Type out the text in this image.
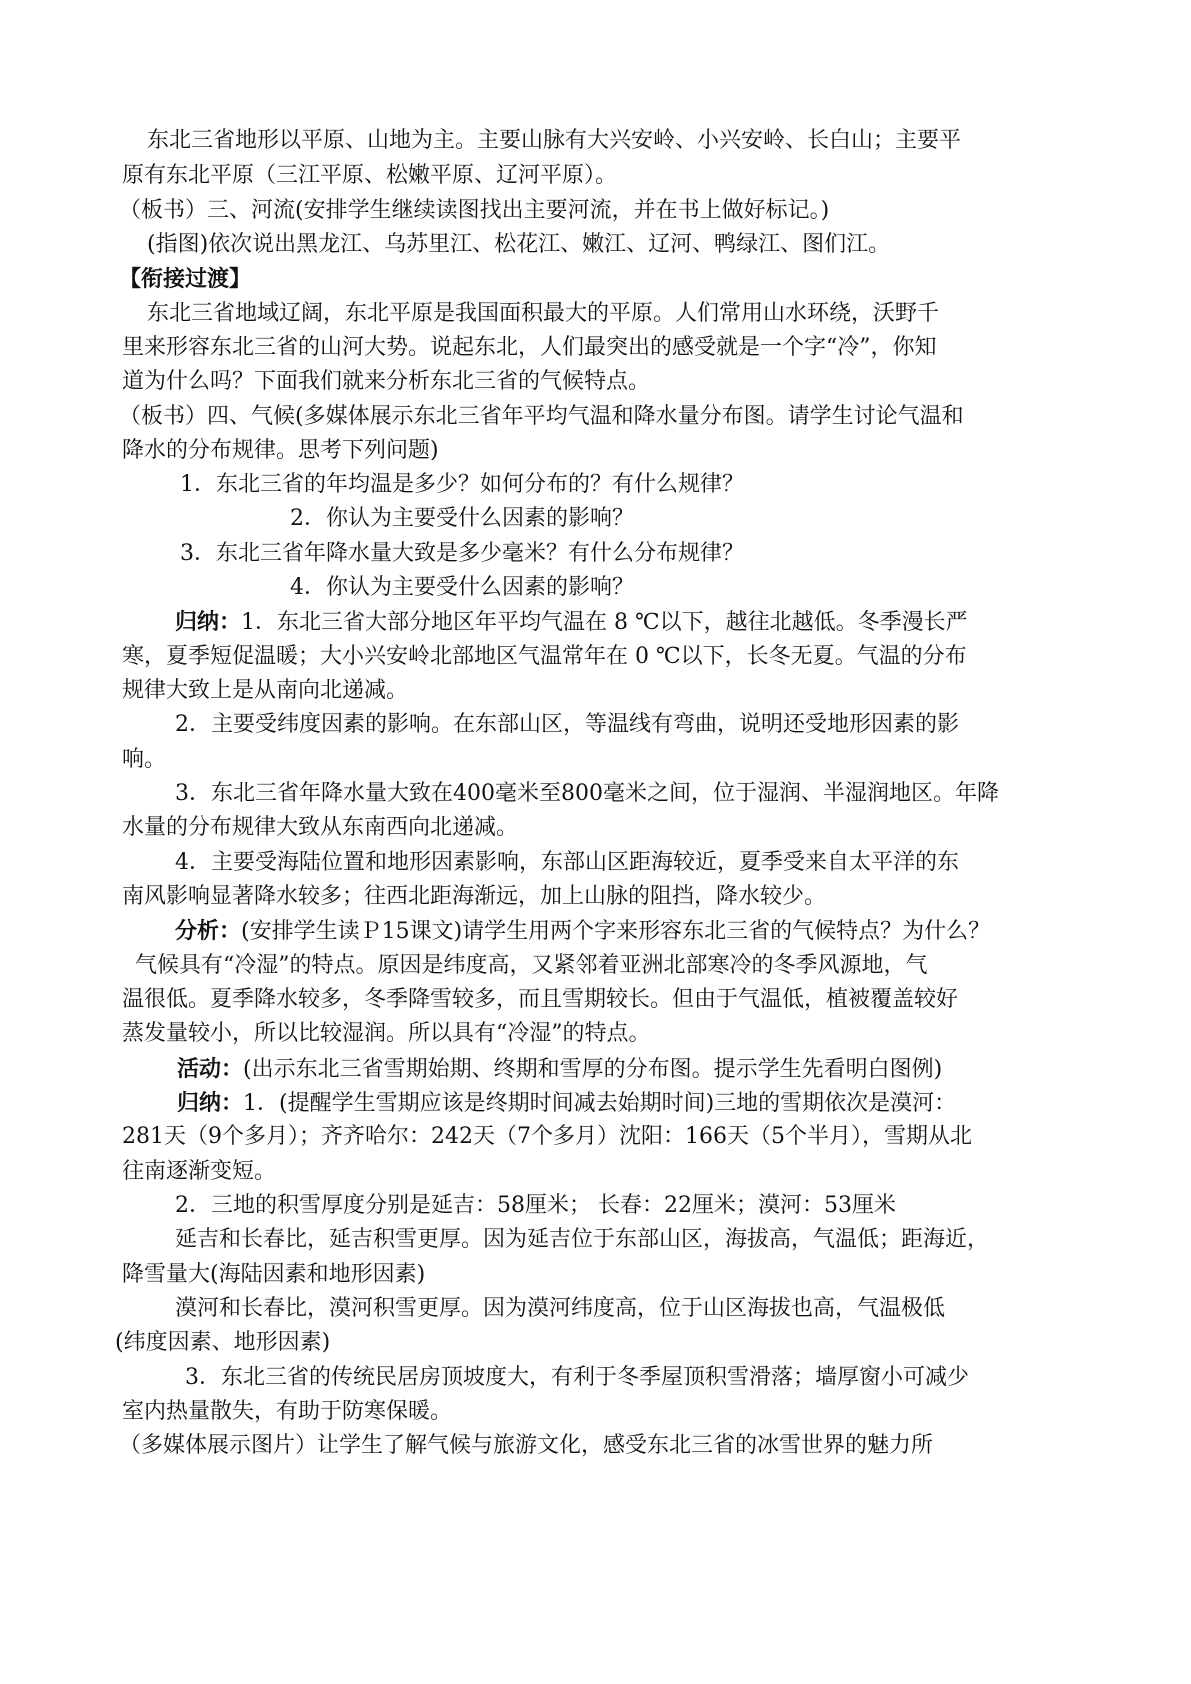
东北三省地形以平原、山地为主。主要山脉有大兴安岭、小兴安岭、长白山；主要平
原有东北平原（三江平原、松嫩平原、辽河平原）。
（板书）三、河流(安排学生继续读图找出主要河流，并在书上做好标记。)
(指图)依次说出黑龙江、乌苏里江、松花江、嫩江、辽河、鸭绿江、图们江。
【衔接过渡】
东北三省地域辽阔，东北平原是我国面积最大的平原。人们常用山水环绕，沃野千
里来形容东北三省的山河大势。说起东北，人们最突出的感受就是一个字“冷”，你知
道为什么吗？下面我们就来分析东北三省的气候特点。
（板书）四、气候(多媒体展示东北三省年平均气温和降水量分布图。请学生讨论气温和
降水的分布规律。思考下列问题)
1．东北三省的年均温是多少？如何分布的？有什么规律？
2．你认为主要受什么因素的影响？
3．东北三省年降水量大致是多少毫米？有什么分布规律？
4．你认为主要受什么因素的影响？
归纳：1．东北三省大部分地区年平均气温在 8 ℃以下，越往北越低。冬季漫长严
寒，夏季短促温暖；大小兴安岭北部地区气温常年在 0 ℃以下，长冬无夏。气温的分布
规律大致上是从南向北递减。
2．主要受纬度因素的影响。在东部山区，等温线有弯曲，说明还受地形因素的影
响。
3．东北三省年降水量大致在400毫米至800毫米之间，位于湿润、半湿润地区。年降
水量的分布规律大致从东南西向北递减。
4．主要受海陆位置和地形因素影响，东部山区距海较近，夏季受来自太平洋的东
南风影响显著降水较多；往西北距海渐远，加上山脉的阻挡，降水较少。
分析：(安排学生读Ｐ15课文)请学生用两个字来形容东北三省的气候特点？为什么？
气候具有“冷湿”的特点。原因是纬度高，又紧邻着亚洲北部寒冷的冬季风源地，气
温很低。夏季降水较多，冬季降雪较多，而且雪期较长。但由于气温低，植被覆盖较好
蒸发量较小，所以比较湿润。所以具有“冷湿”的特点。
活动：(出示东北三省雪期始期、终期和雪厚的分布图。提示学生先看明白图例)
归纳：1．(提醒学生雪期应该是终期时间减去始期时间)三地的雪期依次是漠河：
281天（9个多月）；齐齐哈尔：242天（7个多月）沈阳：166天（5个半月），雪期从北
往南逐渐变短。
2．三地的积雪厚度分别是延吉：58厘米； 长春：22厘米；漠河：53厘米
延吉和长春比，延吉积雪更厚。因为延吉位于东部山区，海拔高，气温低；距海近，
降雪量大(海陆因素和地形因素)
漠河和长春比，漠河积雪更厚。因为漠河纬度高，位于山区海拔也高，气温极低
(纬度因素、地形因素)
3．东北三省的传统民居房顶坡度大，有利于冬季屋顶积雪滑落；墙厚窗小可减少
室内热量散失，有助于防寒保暖。
（多媒体展示图片）让学生了解气候与旅游文化，感受东北三省的冰雪世界的魅力所
